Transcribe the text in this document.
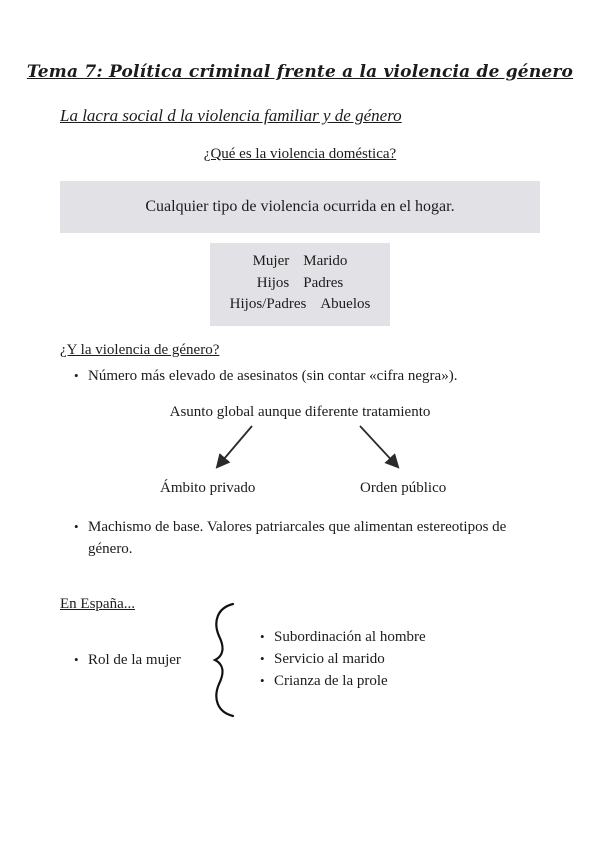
Tema 7: Política criminal frente a la violencia de género
La lacra social d la violencia familiar y de género
¿Qué es la violencia doméstica?
Cualquier tipo de violencia ocurrida en el hogar.
Mujer Marido
Hijos Padres
Hijos/Padres Abuelos
¿Y la violencia de género?
• Número más elevado de asesinatos (sin contar «cifra negra»).
Asunto global aunque diferente tratamiento
Ámbito privado	Orden público
• Machismo de base. Valores patriarcales que alimentan estereotipos de género.
En España...
• Rol de la mujer
• Subordinación al hombre
• Servicio al marido
• Crianza de la prole
